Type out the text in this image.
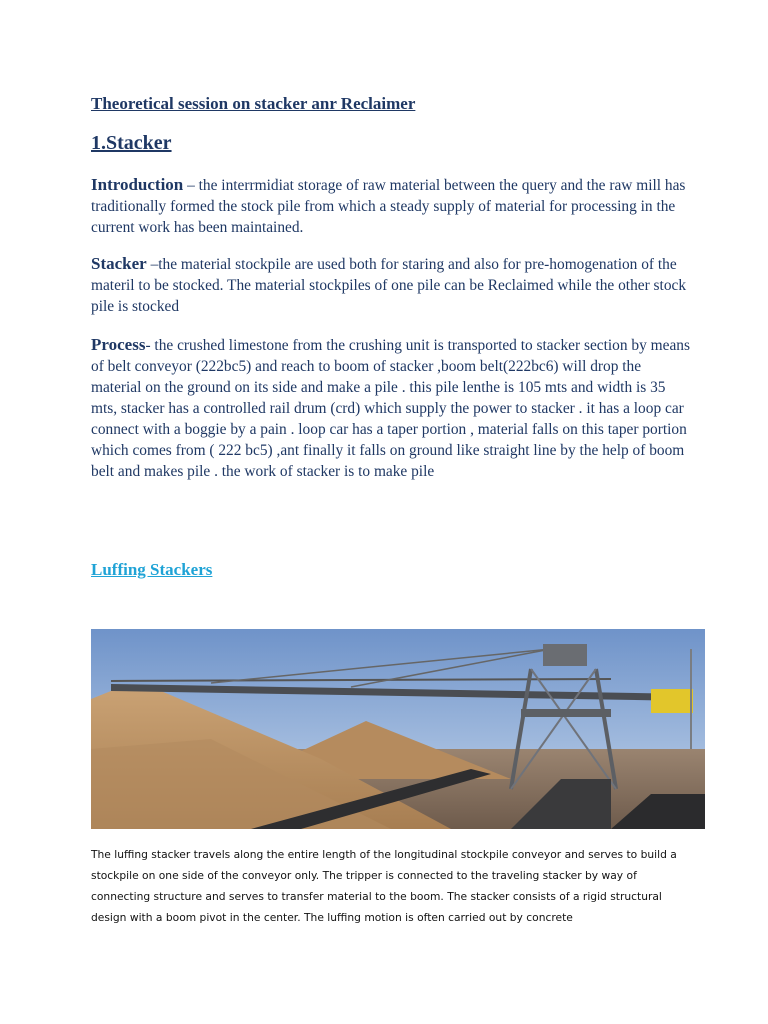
Theoretical session on stacker anr Reclaimer
1.Stacker

Introduction – the interrmidiat storage of raw material between the query and the raw mill has traditionally formed the stock pile from which a steady supply of material for processing in the current work has been maintained.

Stacker –the material stockpile are used both for staring and also for pre-homogenation of the materil to be stocked. The material stockpiles of one pile can be Reclaimed while the other stock pile is stocked

Process- the crushed limestone from the crushing unit is transported to stacker section by means of belt conveyor (222bc5) and reach to boom of stacker ,boom belt(222bc6) will drop the material on the ground on its side and make a pile . this pile lenthe is 105 mts and width is 35 mts, stacker has a controlled rail drum (crd) which supply the power to stacker . it has a loop car connect with a boggie by a pain . loop car has a taper portion , material falls on this taper portion which comes from ( 222 bc5) ,ant finally it falls on ground like straight line by the help of boom belt and makes pile . the work of stacker is to make pile

Luffing Stackers

The luffing stacker travels along the entire length of the longitudinal stockpile conveyor and serves to build a stockpile on one side of the conveyor only. The tripper is connected to the traveling stacker by way of connecting structure and serves to transfer material to the boom. The stacker consists of a rigid structural design with a boom pivot in the center. The luffing motion is often carried out by concrete
